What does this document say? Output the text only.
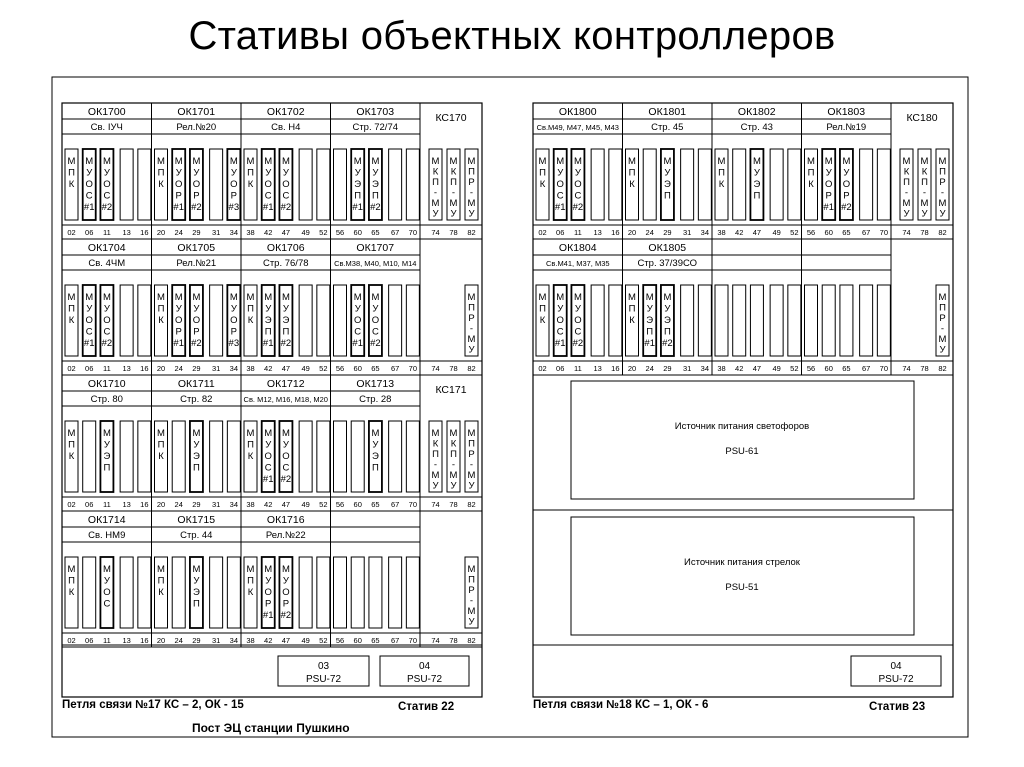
Стативы объектных контроллеров
ОК1700
Св. ІУЧ
М
П
К
02
М
У
О
С
#1
06
М
У
О
С
#2
11 13 16
ОК1701
Рел.№20
М
П
К
20
М
У
О
Р
#1
24
М
У
О
Р
#2
29 31
М
У
О
Р
#3
34
ОК1702
Св. Н4
М
П
К
38
М
У
О
С
#1
42
М
У
О
С
#2
47 49 52
ОК1703
Стр. 72/74
56
М
У
Э
П
#1
60
М
У
Э
П
#2
65 67 70
КС170
М
К
П
-
М
У
74
М
К
П
-
М
У
78
М
П
Р
-
М
У
82
ОК1704
Св. 4ЧМ
М
П
К
02
М
У
О
С
#1
06
М
У
О
С
#2
11 13 16
ОК1705
Рел.№21
М
П
К
20
М
У
О
Р
#1
24
М
У
О
Р
#2
29 31
М
У
О
Р
#3
34
ОК1706
Стр. 76/78
М
П
К
38
М
У
Э
П
#1
42
М
У
Э
П
#2
47 49 52
ОК1707
Св.М38, М40, М10, М14
56
М
У
О
С
#1
60
М
У
О
С
#2
65 67 70 74 78
М
П
Р
-
М
У
82
ОК1710
Стр. 80
М
П
К
02 06
М
У
Э
П
11 13 16
ОК1711
Стр. 82
М
П
К
20 24
М
У
Э
П
29 31 34
ОК1712
Св. М12, М16, М18, М20
М
П
К
38
М
У
О
С
#1
42
М
У
О
С
#2
47 49 52
ОК1713
Стр. 28
56 60
М
У
Э
П
65 67 70
КС171
М
К
П
-
М
У
74
М
К
П
-
М
У
78
М
П
Р
-
М
У
82
ОК1714
Св. НМ9
М
П
К
02 06
М
У
О
С
11 13 16
ОК1715
Стр. 44
М
П
К
20 24
М
У
Э
П
29 31 34
ОК1716
Рел.№22
М
П
К
38
М
У
О
Р
#1
42
М
У
О
Р
#2
47 49 52 56 60 65 67 70 74 78
М
П
Р
-
М
У
82
03
PSU-72
04
PSU-72
Петля связи №17 КС – 2, ОК - 15	Статив 22
ОК1800
Св.М49, М47, М45, М43
М
П
К
02
М
У
О
С
#1
06
М
У
О
С
#2
11 13 16
ОК1801
Стр. 45
М
П
К
20 24
М
У
Э
П
29 31 34
ОК1802
Стр. 43
М
П
К
38 42
М
У
Э
П
47 49 52
ОК1803
Рел.№19
М
П
К
56
М
У
О
Р
#1
60
М
У
О
Р
#2
65 67 70
КС180
М
К
П
-
М
У
74
М
К
П
-
М
У
78
М
П
Р
-
М
У
82
ОК1804
Св.М41, М37, М35
М
П
К
02
М
У
О
С
#1
06
М
У
О
С
#2
11 13 16
ОК1805
Стр. 37/39СО
М
П
К
20
М
У
Э
П
#1
24
М
У
Э
П
#2
29 31 34 38 42 47 49 52 56 60 65 67 70 74 78
М
П
Р
-
М
У
82
Источник питания светофоров
PSU-61
Источник питания стрелок
PSU-51
04
PSU-72
Петля связи №18 КС – 1, ОК - 6	Статив 23
Пост ЭЦ станции Пушкино
